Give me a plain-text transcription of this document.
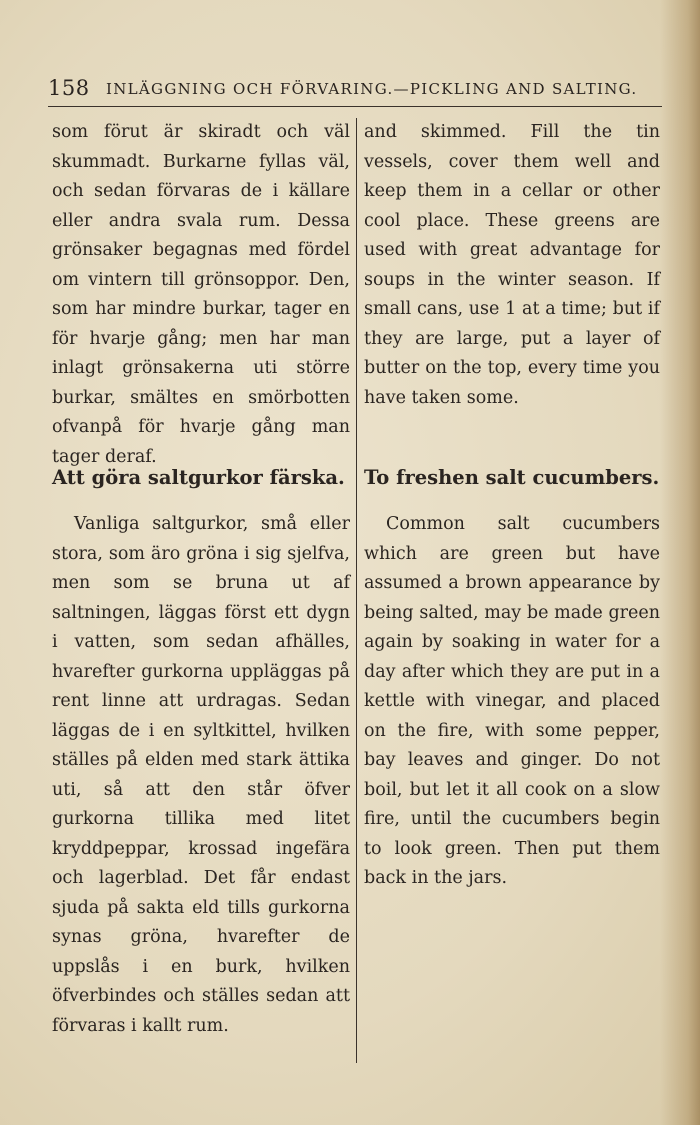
158 INLÄGGNING OCH FÖRVARING.—PICKLING AND SALTING.

som förut är skiradt och väl skummadt. Burkarne fyllas väl, och sedan förvaras de i källare eller andra svala rum. Dessa grönsaker begagnas med fördel om vintern till grönsoppor. Den, som har mindre burkar, tager en för hvarje gång; men har man inlagt grönsakerna uti större burkar, smältes en smörbotten ofvanpå för hvarje gång man tager deraf.

Att göra saltgurkor färska.

Vanliga saltgurkor, små eller stora, som äro gröna i sig sjelfva, men som se bruna ut af saltningen, läggas först ett dygn i vatten, som sedan afhälles, hvarefter gurkorna uppläggas på rent linne att urdragas. Sedan läggas de i en syltkittel, hvilken ställes på elden med stark ättika uti, så att den står öfver gurkorna tillika med litet kryddpeppar, krossad ingefära och lagerblad. Det får endast sjuda på sakta eld tills gurkorna synas gröna, hvarefter de uppslås i en burk, hvilken öfverbindes och ställes sedan att förvaras i kallt rum.

and skimmed. Fill the tin vessels, cover them well and keep them in a cellar or other cool place. These greens are used with great advantage for soups in the winter season. If small cans, use 1 at a time; but if they are large, put a layer of butter on the top, every time you have taken some.

To freshen salt cucumbers.

Common salt cucumbers which are green but have assumed a brown appearance by being salted, may be made green again by soaking in water for a day after which they are put in a kettle with vinegar, and placed on the fire, with some pepper, bay leaves and ginger. Do not boil, but let it all cook on a slow fire, until the cucumbers begin to look green. Then put them back in the jars.
